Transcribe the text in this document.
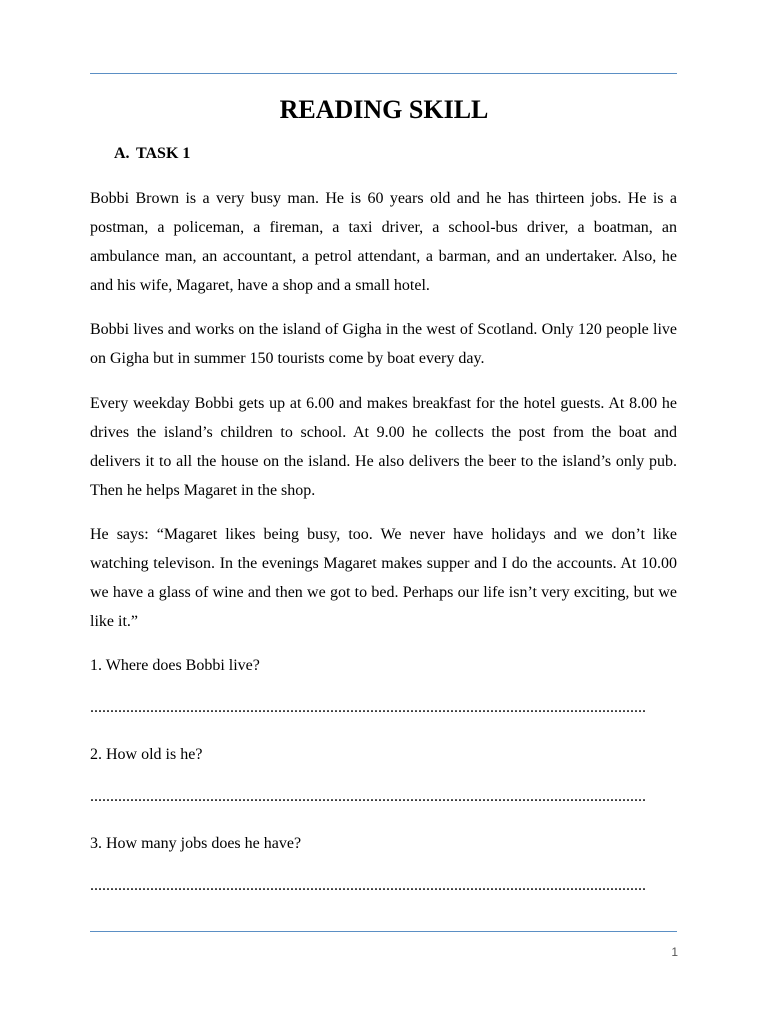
READING SKILL
A. TASK 1

Bobbi Brown is a very busy man. He is 60 years old and he has thirteen jobs. He is a postman, a policeman, a fireman, a taxi driver, a school-bus driver, a boatman, an ambulance man, an accountant, a petrol attendant, a barman, and an undertaker. Also, he and his wife, Magaret, have a shop and a small hotel.

Bobbi lives and works on the island of Gigha in the west of Scotland. Only 120 people live on Gigha but in summer 150 tourists come by boat every day.

Every weekday Bobbi gets up at 6.00 and makes breakfast for the hotel guests. At 8.00 he drives the island’s children to school. At 9.00 he collects the post from the boat and delivers it to all the house on the island. He also delivers the beer to the island’s only pub. Then he helps Magaret in the shop.

He says: “Magaret likes being busy, too. We never have holidays and we don’t like watching televison. In the evenings Magaret makes supper and I do the accounts. At 10.00 we have a glass of wine and then we got to bed. Perhaps our life isn’t very exciting, but we like it.”

1. Where does Bobbi live?

...........................................................................................................................................

2. How old is he?

...........................................................................................................................................

3. How many jobs does he have?

...........................................................................................................................................

1
